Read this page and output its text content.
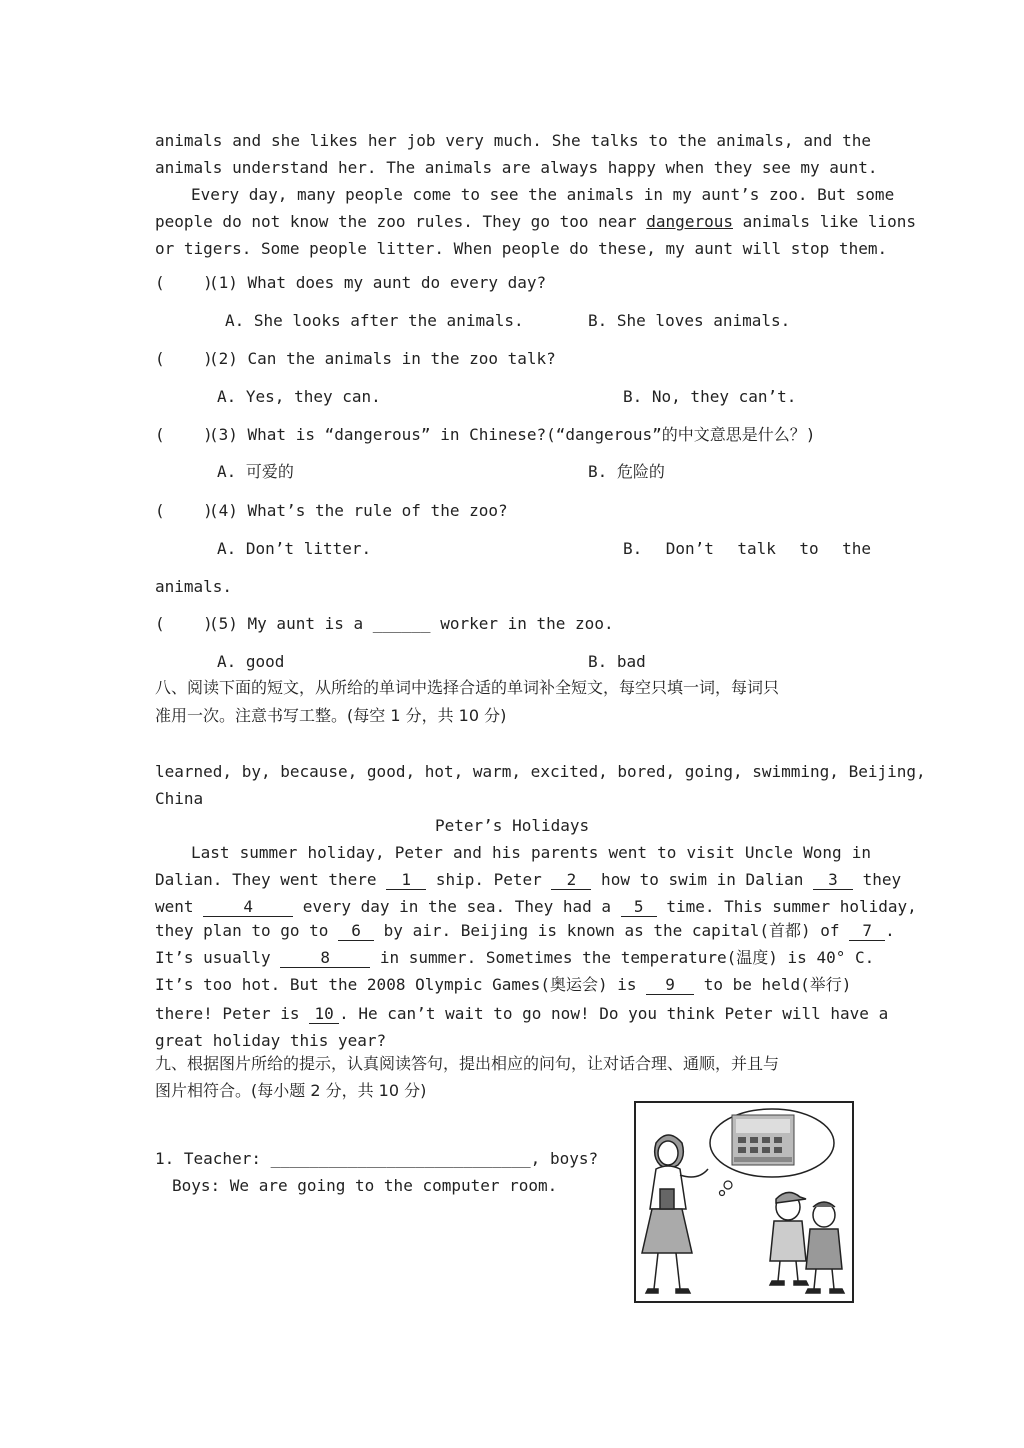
animals and she likes her job very much. She talks to the animals, and the
animals understand her. The animals are always happy when they see my aunt.
Every day, many people come to see the animals in my aunt’s zoo. But some
people do not know the zoo rules. They go too near dangerous animals like lions
or tigers. Some people litter. When people do these, my aunt will stop them.
(    )
(1) What does my aunt do every day?
A. She looks after the animals.	B. She loves animals.
(    )
(2) Can the animals in the zoo talk?
A. Yes, they can.	B. No, they can’t.
(    )
(3) What is “dangerous” in Chinese?(“dangerous”的中文意思是什么？)
A. 可爱的	B. 危险的
(    )
(4) What’s the rule of the zoo?
A. Don’t litter.	B. Don’t talk to the
animals.
(    )
(5) My aunt is a ______ worker in the zoo.
A. good	B. bad
八、阅读下面的短文，从所给的单词中选择合适的单词补全短文，每空只填一词，每词只
准用一次。注意书写工整。(每空 1 分，共 10 分)
learned, by, because, good, hot, warm, excited, bored, going, swimming, Beijing,
China
Peter’s Holidays
Last summer holiday, Peter and his parents went to visit Uncle Wong in
Dalian. They went there 1 ship. Peter 2 how to swim in Dalian 3 they
went	4	every day in the sea. They had a 5 time. This summer holiday,
they plan to go to 6 by air. Beijing is known as the capital(首都) of 7 .
It’s usually	8	in summer. Sometimes the temperature(温度) is 40° C.
It’s too hot. But the 2008 Olympic Games(奥运会) is 9 to be held(举行)
there! Peter is 10 . He can’t wait to go now! Do you think Peter will have a
great holiday this year?
九、根据图片所给的提示，认真阅读答句，提出相应的问句，让对话合理、通顺，并且与
图片相符合。(每小题 2 分，共 10 分)
1. Teacher: ___________________________, boys?
Boys: We are going to the computer room.
